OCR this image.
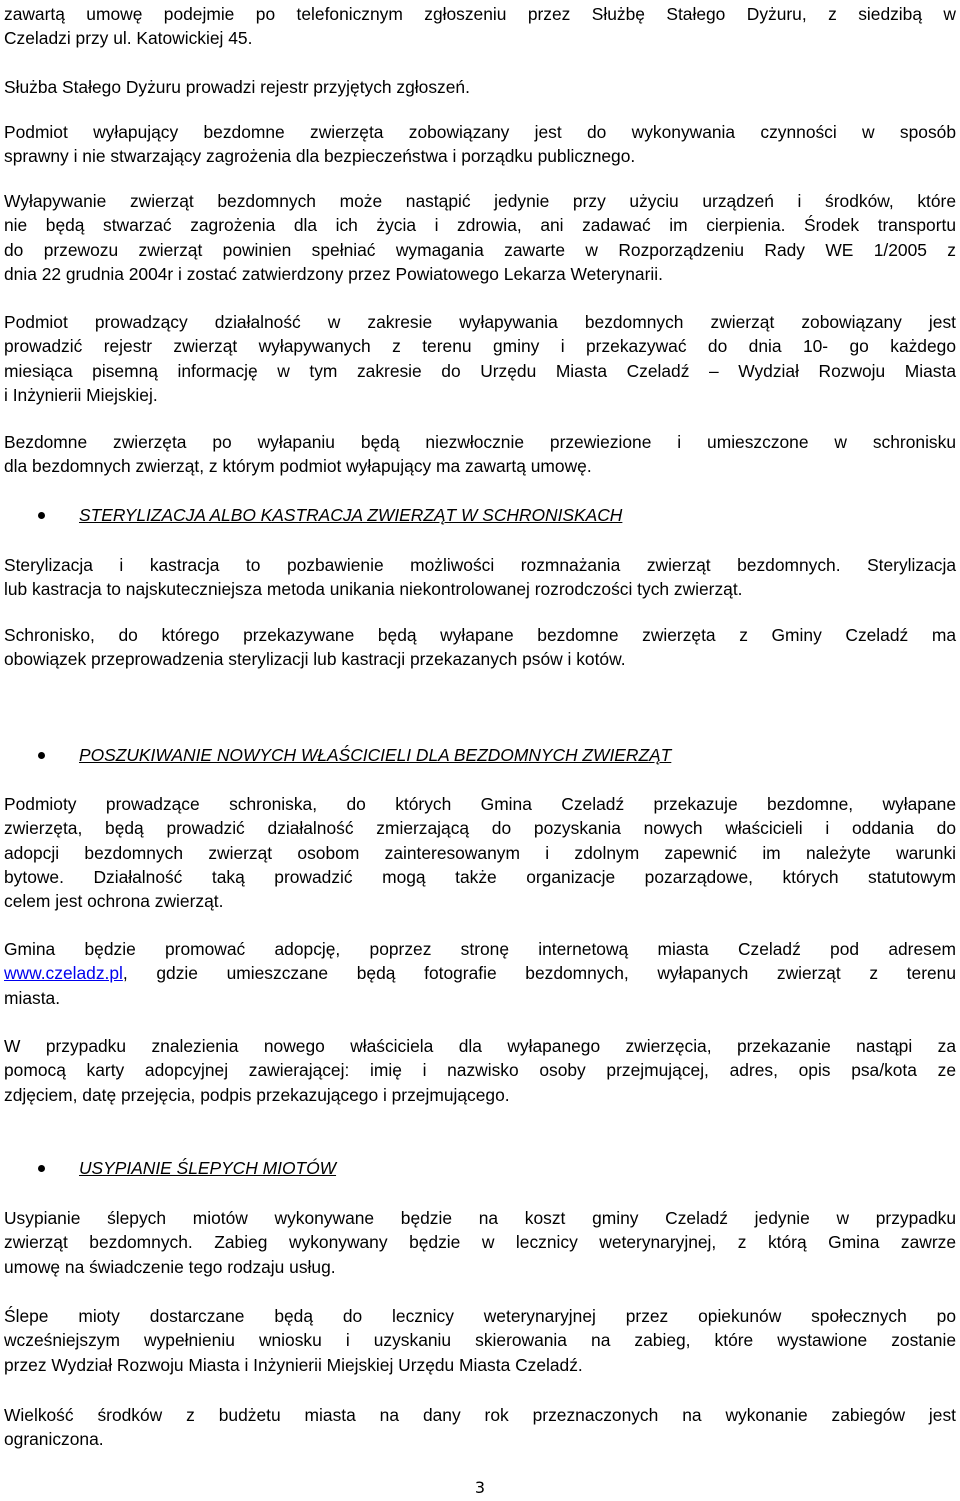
zawartą umowę podejmie po telefonicznym zgłoszeniu przez Służbę Stałego Dyżuru, z siedzibą w
Czeladzi przy ul. Katowickiej 45.
Służba Stałego Dyżuru prowadzi rejestr przyjętych zgłoszeń.
Podmiot wyłapujący bezdomne zwierzęta zobowiązany jest do wykonywania czynności w sposób
sprawny i nie stwarzający zagrożenia dla bezpieczeństwa i porządku publicznego.
Wyłapywanie zwierząt bezdomnych może nastąpić jedynie przy użyciu urządzeń i środków, które
nie będą stwarzać zagrożenia dla ich życia i zdrowia, ani zadawać im cierpienia. Środek transportu
do przewozu zwierząt powinien spełniać wymagania zawarte w Rozporządzeniu Rady WE 1/2005 z
dnia 22 grudnia 2004r i zostać zatwierdzony przez Powiatowego Lekarza Weterynarii.
Podmiot prowadzący działalność w zakresie wyłapywania bezdomnych zwierząt zobowiązany jest
prowadzić rejestr zwierząt wyłapywanych z terenu gminy i przekazywać do dnia 10- go każdego
miesiąca pisemną informację w tym zakresie do Urzędu Miasta Czeladź – Wydział Rozwoju Miasta
i Inżynierii Miejskiej.
Bezdomne zwierzęta po wyłapaniu będą niezwłocznie przewiezione i umieszczone w schronisku
dla bezdomnych zwierząt, z którym podmiot wyłapujący ma zawartą umowę.
STERYLIZACJA ALBO KASTRACJA ZWIERZĄT W SCHRONISKACH
Sterylizacja i kastracja to pozbawienie możliwości rozmnażania zwierząt bezdomnych. Sterylizacja
lub kastracja to najskuteczniejsza metoda unikania niekontrolowanej rozrodczości tych zwierząt.
Schronisko, do którego przekazywane będą wyłapane bezdomne zwierzęta z Gminy Czeladź ma
obowiązek przeprowadzenia sterylizacji lub kastracji przekazanych psów i kotów.
POSZUKIWANIE NOWYCH WŁAŚCICIELI DLA BEZDOMNYCH ZWIERZĄT
Podmioty prowadzące schroniska, do których Gmina Czeladź przekazuje bezdomne, wyłapane
zwierzęta, będą prowadzić działalność zmierzającą do pozyskania nowych właścicieli i oddania do
adopcji bezdomnych zwierząt osobom zainteresowanym i zdolnym zapewnić im należyte warunki
bytowe. Działalność taką prowadzić mogą także organizacje pozarządowe, których statutowym
celem jest ochrona zwierząt.
Gmina będzie promować adopcję, poprzez stronę internetową miasta Czeladź pod adresem
www.czeladz.pl, gdzie umieszczane będą fotografie bezdomnych, wyłapanych zwierząt z terenu
miasta.
W przypadku znalezienia nowego właściciela dla wyłapanego zwierzęcia, przekazanie nastąpi za
pomocą karty adopcyjnej zawierającej: imię i nazwisko osoby przejmującej, adres, opis psa/kota ze
zdjęciem, datę przejęcia, podpis przekazującego i przejmującego.
USYPIANIE ŚLEPYCH MIOTÓW
Usypianie ślepych miotów wykonywane będzie na koszt gminy Czeladź jedynie w przypadku
zwierząt bezdomnych. Zabieg wykonywany będzie w lecznicy weterynaryjnej, z którą Gmina zawrze
umowę na świadczenie tego rodzaju usług.
Ślepe mioty dostarczane będą do lecznicy weterynaryjnej przez opiekunów społecznych po
wcześniejszym wypełnieniu wniosku i uzyskaniu skierowania na zabieg, które wystawione zostanie
przez Wydział Rozwoju Miasta i Inżynierii Miejskiej Urzędu Miasta Czeladź.
Wielkość środków z budżetu miasta na dany rok przeznaczonych na wykonanie zabiegów jest
ograniczona.
3
